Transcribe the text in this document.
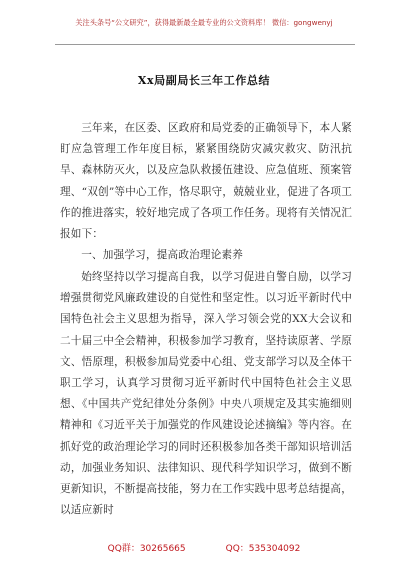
关注头条号“公文研究”，获得最新最全最专业的公文资料库！ 微信：gongwenyj
Xx局副局长三年工作总结

三年来，在区委、区政府和局党委的正确领导下，本人紧盯应急管理工作年度目标，紧紧围绕防灾减灾救灾、防汛抗旱、森林防灭火，以及应急队救援伍建设、应急值班、预案管理、“双创”等中心工作，恪尽职守，兢兢业业，促进了各项工作的推进落实，较好地完成了各项工作任务。现将有关情况汇报如下：

一、加强学习，提高政治理论素养

始终坚持以学习提高自我，以学习促进自警自励，以学习增强贯彻党风廉政建设的自觉性和坚定性。以习近平新时代中国特色社会主义思想为指导，深入学习领会党的XX大会议和二十届三中全会精神，积极参加学习教育，坚持读原著、学原文、悟原理，积极参加局党委中心组、党支部学习以及全体干职工学习，认真学习贯彻习近平新时代中国特色社会主义思想、《中国共产党纪律处分条例》中央八项规定及其实施细则精神和《习近平关于加强党的作风建设论述摘编》等内容。在抓好党的政治理论学习的同时还积极参加各类干部知识培训活动，加强业务知识、法律知识、现代科学知识学习，做到不断更新知识，不断提高技能，努力在工作实践中思考总结提高，以适应新时

QQ群：30265665	QQ：535304092
